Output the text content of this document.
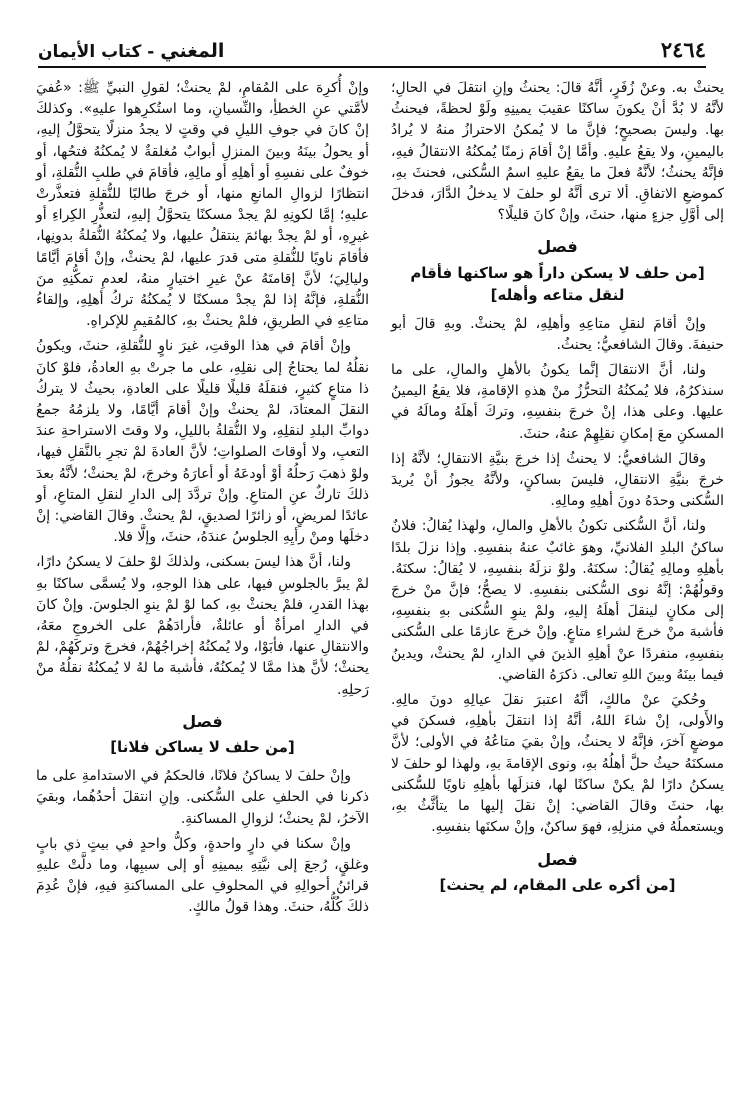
٢٤٦٤
المغني - كتاب الأيمان

يحنثْ به. وعنْ زُفَرٍ، أنَّهُ قالَ: يحنثُ وإنِ انتقلَ في الحالِ؛ لأنَّهُ لا بُدَّ أنْ يكونَ ساكنًا عقيبَ يمينِهِ ولَوْ لحظةً، فيحنثُ بها. وليسَ بصحيحٍ؛ فإنَّ ما لا يُمكنُ الاحترازُ منهُ لا يُرادُ باليمينِ، ولا يقعُ عليهِ. وأمَّا إنْ أقامَ زمنًا يُمكنُهُ الانتقالُ فيهِ، فإنَّهُ يحنثُ؛ لأنَّهُ فعلَ ما يقعُ عليهِ اسمُ السُّكنى، فحنثَ بهِ، كموضعِ الاتفاقِ. ألا ترى أنَّهُ لو حلفَ لا يدخلُ الدَّارَ، فدخلَ إلى أوَّلِ جزءٍ منها، حنثَ، وإنْ كانَ قليلًا؟

فصل
[من حلف لا يسكن داراً هو ساكنها فأقام لنقل متاعه وأهله]

وإنْ أقامَ لنقلِ متاعِهِ وأهلِهِ، لمْ يحنثْ. وبهِ قالَ أبو حنيفةَ. وقالَ الشافعيُّ: يحنثُ.

ولنا، أنَّ الانتقالَ إنَّما يكونُ بالأهلِ والمالِ، على ما سنذكرُهُ، فلا يُمكنُهُ التحرُّزُ منْ هذهِ الإقامةِ، فلا يقعُ اليمينُ عليها. وعلى هذا، إنْ خرجَ بنفسِهِ، وتركَ أهلَهُ ومالَهُ في المسكنِ معَ إمكانِ نقلِهِمْ عنهُ، حنثَ.

وقالَ الشافعيُّ: لا يحنثُ إذا خرجَ بنيَّةِ الانتقالِ؛ لأنَّهُ إذا خرجَ بنيَّةِ الانتقالِ، فليسَ بساكنٍ، ولأنَّهُ يجوزُ أنْ يُريدَ السُّكنى وحدَهُ دونَ أهلِهِ ومالِهِ.

ولنا، أنَّ السُّكنى تكونُ بالأهلِ والمالِ، ولهذا يُقالُ: فلانٌ ساكنُ البلدِ الفلانيِّ، وهوَ غائبٌ عنهُ بنفسِهِ. وإذا نزلَ بلدًا بأهلِهِ ومالِهِ يُقالُ: سكنَهُ. ولوْ نزلَهُ بنفسِهِ، لا يُقالُ: سكنَهُ. وقولُهُمْ: إنَّهُ نوى السُّكنى بنفسِهِ. لا يصحُّ؛ فإنَّ منْ خرجَ إلى مكانٍ لينقلَ أهلَهُ إليهِ، ولمْ ينوِ السُّكنى بهِ بنفسِهِ، فأشبهَ منْ خرجَ لشراءِ متاعٍ. وإنْ خرجَ عازمًا على السُّكنى بنفسِهِ، منفردًا عنْ أهلِهِ الذينَ في الدارِ، لمْ يحنثْ، ويدينُ فيما بينَهُ وبينَ اللهِ تعالى. ذكرَهُ القاضي.

وحُكيَ عنْ مالكٍ، أنَّهُ اعتبرَ نقلَ عيالِهِ دونَ مالِهِ. والأَولى، إنْ شاءَ اللهُ، أنَّهُ إذا انتقلَ بأهلِهِ، فسكنَ في موضعٍ آخرَ، فإنَّهُ لا يحنثُ، وإنْ بقيَ متاعُهُ في الأولى؛ لأنَّ مسكنَهُ حيثُ حلَّ أهلُهُ بهِ، ونوى الإقامةَ بهِ، ولهذا لو حلفَ لا يسكنُ دارًا لمْ يكنْ ساكنًا لها، فنزلَها بأهلِهِ ناويًا للسُّكنى بها، حنثَ وقالَ القاضي: إنْ نقلَ إليها ما يتأثَّثُ بهِ، ويستعملُهُ في منزلِهِ، فهوَ ساكنٌ، وإنْ سكنَها بنفسِهِ.

فصل
[من أكره على المقام، لم يحنث]

وإنْ أُكرِهَ على المُقامِ، لمْ يحنثْ؛ لقولِ النبيِّ ﷺ: «عُفيَ لأمَّتي عنِ الخطأِ، والنِّسيانِ، وما استُكرِهوا عليهِ». وكذلكَ إنْ كانَ في جوفِ الليلِ في وقتٍ لا يجدُ منزلًا يتحوَّلُ إليهِ، أو يحولُ بينَهُ وبينَ المنزلِ أبوابٌ مُغلقةٌ لا يُمكنُهُ فتحُها، أو خوفٌ على نفسِهِ أو أهلِهِ أو مالِهِ، فأقامَ في طلبِ النُّقلةِ، أو انتظارًا لزوالِ المانعِ منها، أو خرجَ طالبًا للنُّقلةِ فتعذَّرتْ عليهِ؛ إمَّا لكونِهِ لمْ يجدْ مسكنًا يتحوَّلُ إليهِ، لتعذُّرِ الكِراءِ أو غيرِهِ، أو لمْ يجدْ بهائمَ ينتقلُ عليها، ولا يُمكنُهُ النُّقلةُ بدونِها، فأقامَ ناويًا للنُّقلةِ متى قدرَ عليها، لمْ يحنثْ، وإنْ أقامَ أيَّامًا وليالِيَ؛ لأنَّ إقامتَهُ عنْ غيرِ اختيارٍ منهُ، لعدمِ تمكُّنِهِ منَ النُّقلةِ، فإنَّهُ إذا لمْ يجدْ مسكنًا لا يُمكنُهُ تركُ أهلِهِ، وإلقاءُ متاعِهِ في الطريقِ، فلمْ يحنثْ بهِ، كالمُقيمِ للإكراهِ.

وإنْ أقامَ في هذا الوقتِ، غيرَ ناوٍ للنُّقلةِ، حنثَ، ويكونُ نقلُهُ لما يحتاجُ إلى نقلِهِ، على ما جرتْ بهِ العادةُ، فلوْ كانَ ذا متاعٍ كثيرٍ، فنقلَهُ قليلًا قليلًا على العادةِ، بحيثُ لا يتركُ النقلَ المعتادَ، لمْ يحنثْ وإنْ أقامَ أيَّامًا، ولا يلزمُهُ جمعُ دوابِّ البلدِ لنقلِهِ، ولا النُّقلةُ بالليلِ، ولا وقتَ الاستراحةِ عندَ التعبِ، ولا أوقاتَ الصلواتِ؛ لأنَّ العادةَ لمْ تجرِ بالنَّقلِ فيها، ولوْ ذهبَ رَحلُهُ أوْ أودعَهُ أو أعارَهُ وخرجَ، لمْ يحنثْ؛ لأنَّهُ بعدَ ذلكَ تاركٌ عنِ المتاعِ. وإنْ تردَّدَ إلى الدارِ لنقلِ المتاعِ، أو عائدًا لمريضٍ، أو زائرًا لصديقٍ، لمْ يحنثْ. وقالَ القاضي: إنْ دخلَها ومنْ رأيِهِ الجلوسُ عندَهُ، حنثَ، وإلَّا فلا.

ولنا، أنَّ هذا ليسَ بسكنى، ولذلكَ لوْ حلفَ لا يسكنُ دارًا، لمْ يبرَّ بالجلوسِ فيها، على هذا الوجهِ، ولا يُسمَّى ساكنًا بهِ بهذا القدرِ، فلمْ يحنثْ بهِ، كما لوْ لمْ ينوِ الجلوسَ. وإنْ كانَ في الدارِ امرأةٌ أو عائلةٌ، فأرادَهُمْ على الخروجِ معَهُ، والانتقالِ عنها، فأبَوْا، ولا يُمكنُهُ إخراجُهُمْ، فخرجَ وتركَهُمْ، لمْ يحنثْ؛ لأنَّ هذا ممَّا لا يُمكنُهُ، فأشبهَ ما لهُ لا يُمكنُهُ نقلُهُ منْ رَحلِهِ.

فصل
[من حلف لا يساكن فلانا]

وإنْ حلفَ لا يساكنُ فلانًا، فالحكمُ في الاستدامةِ على ما ذكرنا في الحلفِ على السُّكنى. وإنِ انتقلَ أحدُهُما، وبقيَ الآخرُ، لمْ يحنثْ؛ لزوالِ المساكنةِ.

وإنْ سكنا في دارٍ واحدةٍ، وكلُّ واحدٍ في بيتٍ ذي بابٍ وغلقٍ، رُجعَ إلى نيَّتِهِ بيمينِهِ أو إلى سببِها، وما دلَّتْ عليهِ قرائنُ أحوالِهِ في المحلوفِ على المساكنةِ فيهِ، فإنْ عُدِمَ ذلكَ كُلُّهُ، حنثَ. وهذا قولُ مالكٍ.
